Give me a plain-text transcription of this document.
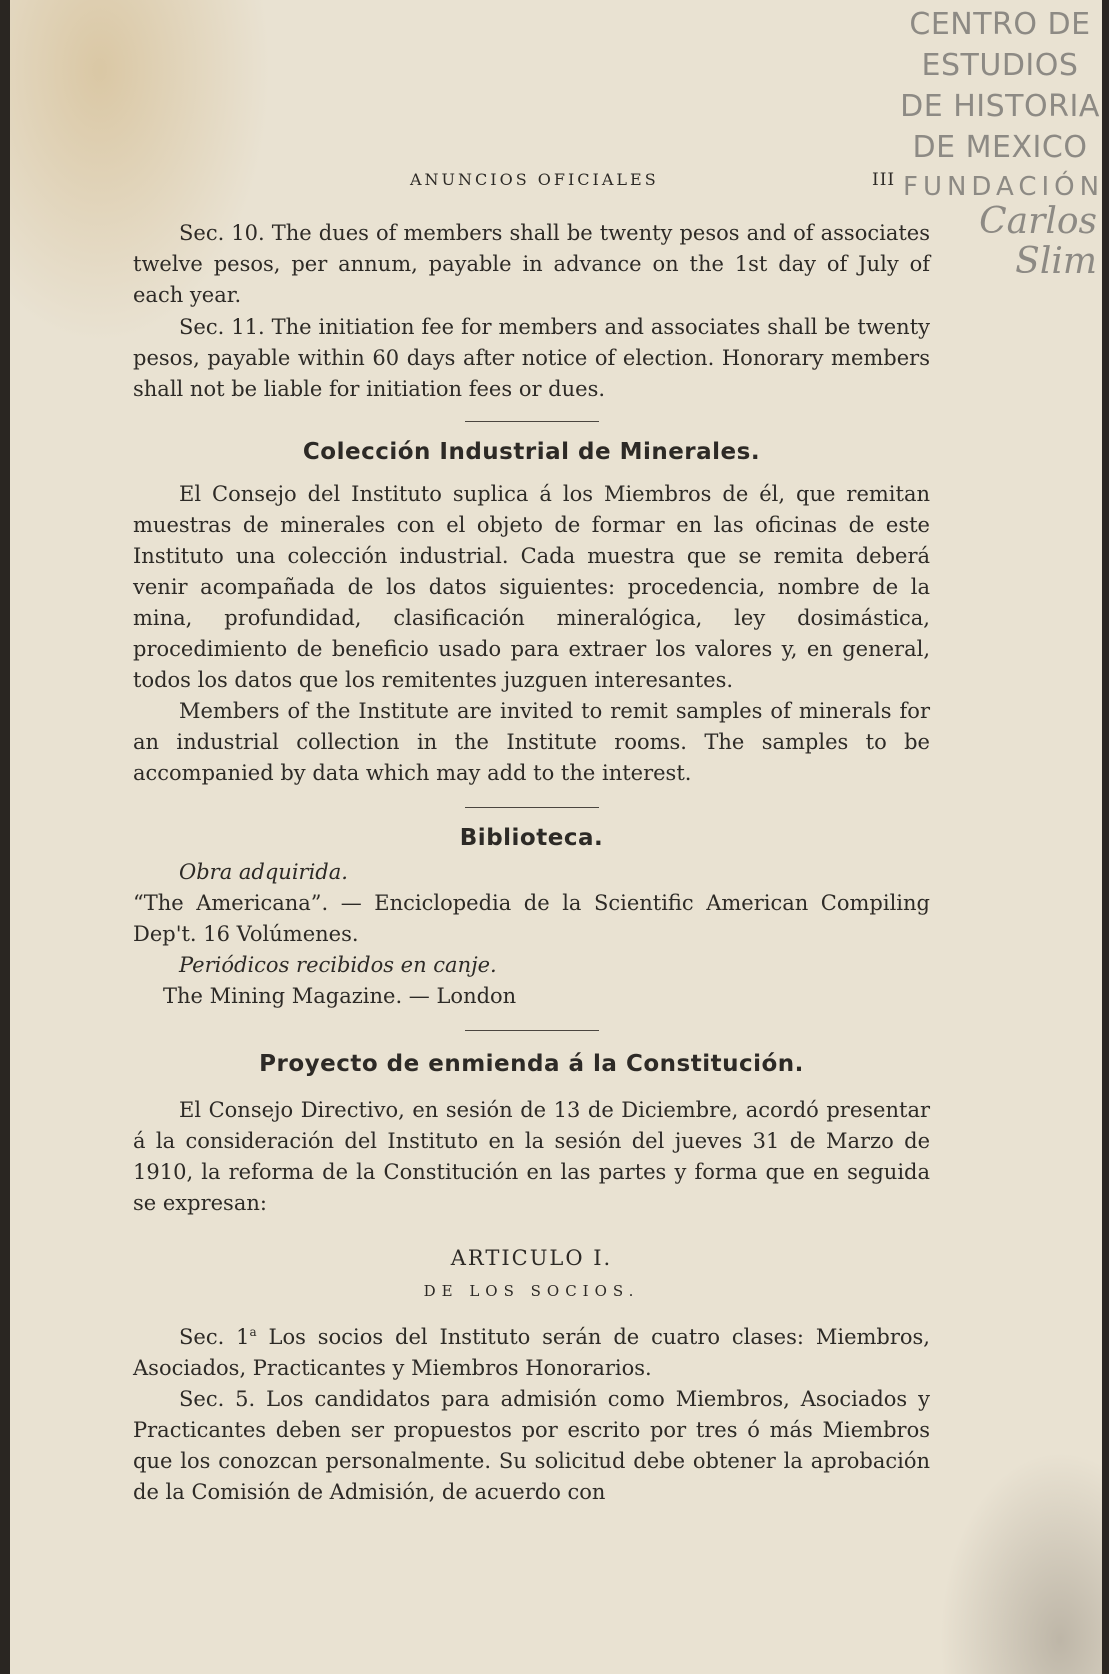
CENTRO DE
ESTUDIOS
DE HISTORIA
DE MEXICO
FUNDACIÓN
Carlos Slim
ANUNCIOS OFICIALES	III

Sec. 10. The dues of members shall be twenty pesos and of associates twelve pesos, per annum, payable in advance on the 1st day of July of each year.

Sec. 11. The initiation fee for members and associates shall be twenty pesos, payable within 60 days after notice of election. Honorary members shall not be liable for initiation fees or dues.

Colección Industrial de Minerales.

El Consejo del Instituto suplica á los Miembros de él, que remitan muestras de minerales con el objeto de formar en las oficinas de este Instituto una colección industrial. Cada muestra que se remita deberá venir acompañada de los datos siguientes: procedencia, nombre de la mina, profundidad, clasificación mineralógica, ley dosimástica, procedimiento de beneficio usado para extraer los valores y, en general, todos los datos que los remitentes juzguen interesantes.

Members of the Institute are invited to remit samples of minerals for an industrial collection in the Institute rooms. The samples to be accompanied by data which may add to the interest.

Biblioteca.

Obra adquirida.

“The Americana”. — Enciclopedia de la Scientific American Compiling Dep't. 16 Volúmenes.

Periódicos recibidos en canje.

The Mining Magazine. — London

Proyecto de enmienda á la Constitución.

El Consejo Directivo, en sesión de 13 de Diciembre, acordó presentar á la consideración del Instituto en la sesión del jueves 31 de Marzo de 1910, la reforma de la Constitución en las partes y forma que en seguida se expresan:

ARTICULO I.

DE LOS SOCIOS.

Sec. 1$^a$ Los socios del Instituto serán de cuatro clases: Miembros, Asociados, Practicantes y Miembros Honorarios.

Sec. 5. Los candidatos para admisión como Miembros, Asociados y Practicantes deben ser propuestos por escrito por tres ó más Miembros que los conozcan personalmente. Su solicitud debe obtener la aprobación de la Comisión de Admisión, de acuerdo con
